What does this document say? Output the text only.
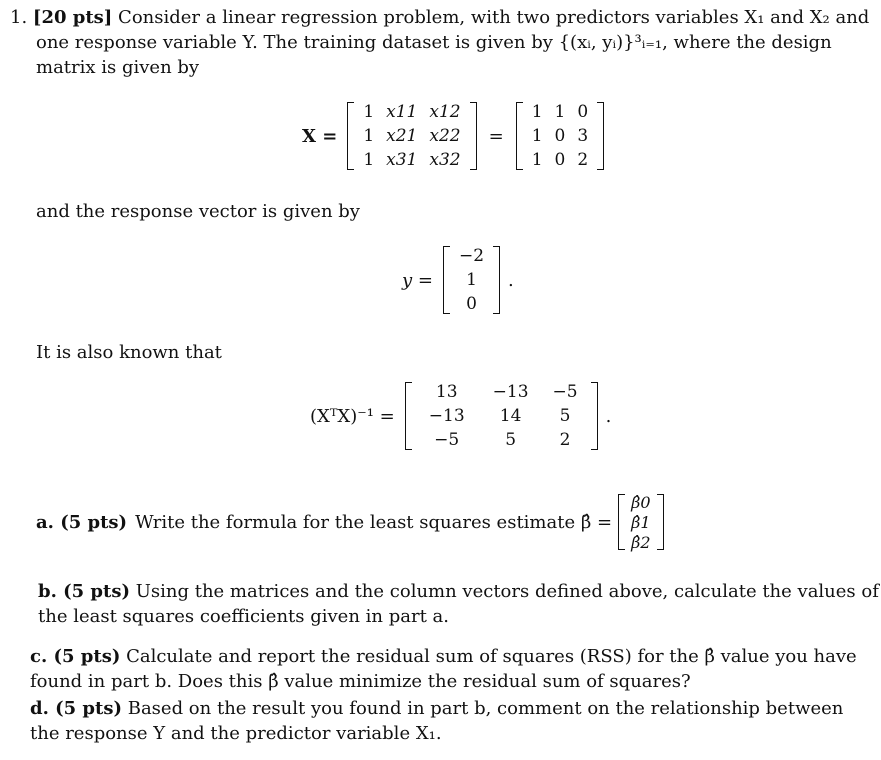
1. [20 pts] Consider a linear regression problem, with two predictors variables X₁ and X₂ and
one response variable Y. The training dataset is given by {(xᵢ, yᵢ)}³ᵢ₌₁, where the design
matrix is given by
X =
1	x11	x12
1	x21	x22
1	x31	x32
=
1	1	0
1	0	3
1	0	2
and the response vector is given by
y =
−2
1
0
.
It is also known that
(XᵀX)⁻¹ =
13	−13	−5
−13	14	5
−5	5	2
.
a. (5 pts) Write the formula for the least squares estimate β̂ =
β̂0
β̂1
β̂2
b. (5 pts) Using the matrices and the column vectors defined above, calculate the values of
the least squares coefficients given in part a.
c. (5 pts) Calculate and report the residual sum of squares (RSS) for the β̂ value you have
found in part b. Does this β̂ value minimize the residual sum of squares?
d. (5 pts) Based on the result you found in part b, comment on the relationship between
the response Y and the predictor variable X₁.
